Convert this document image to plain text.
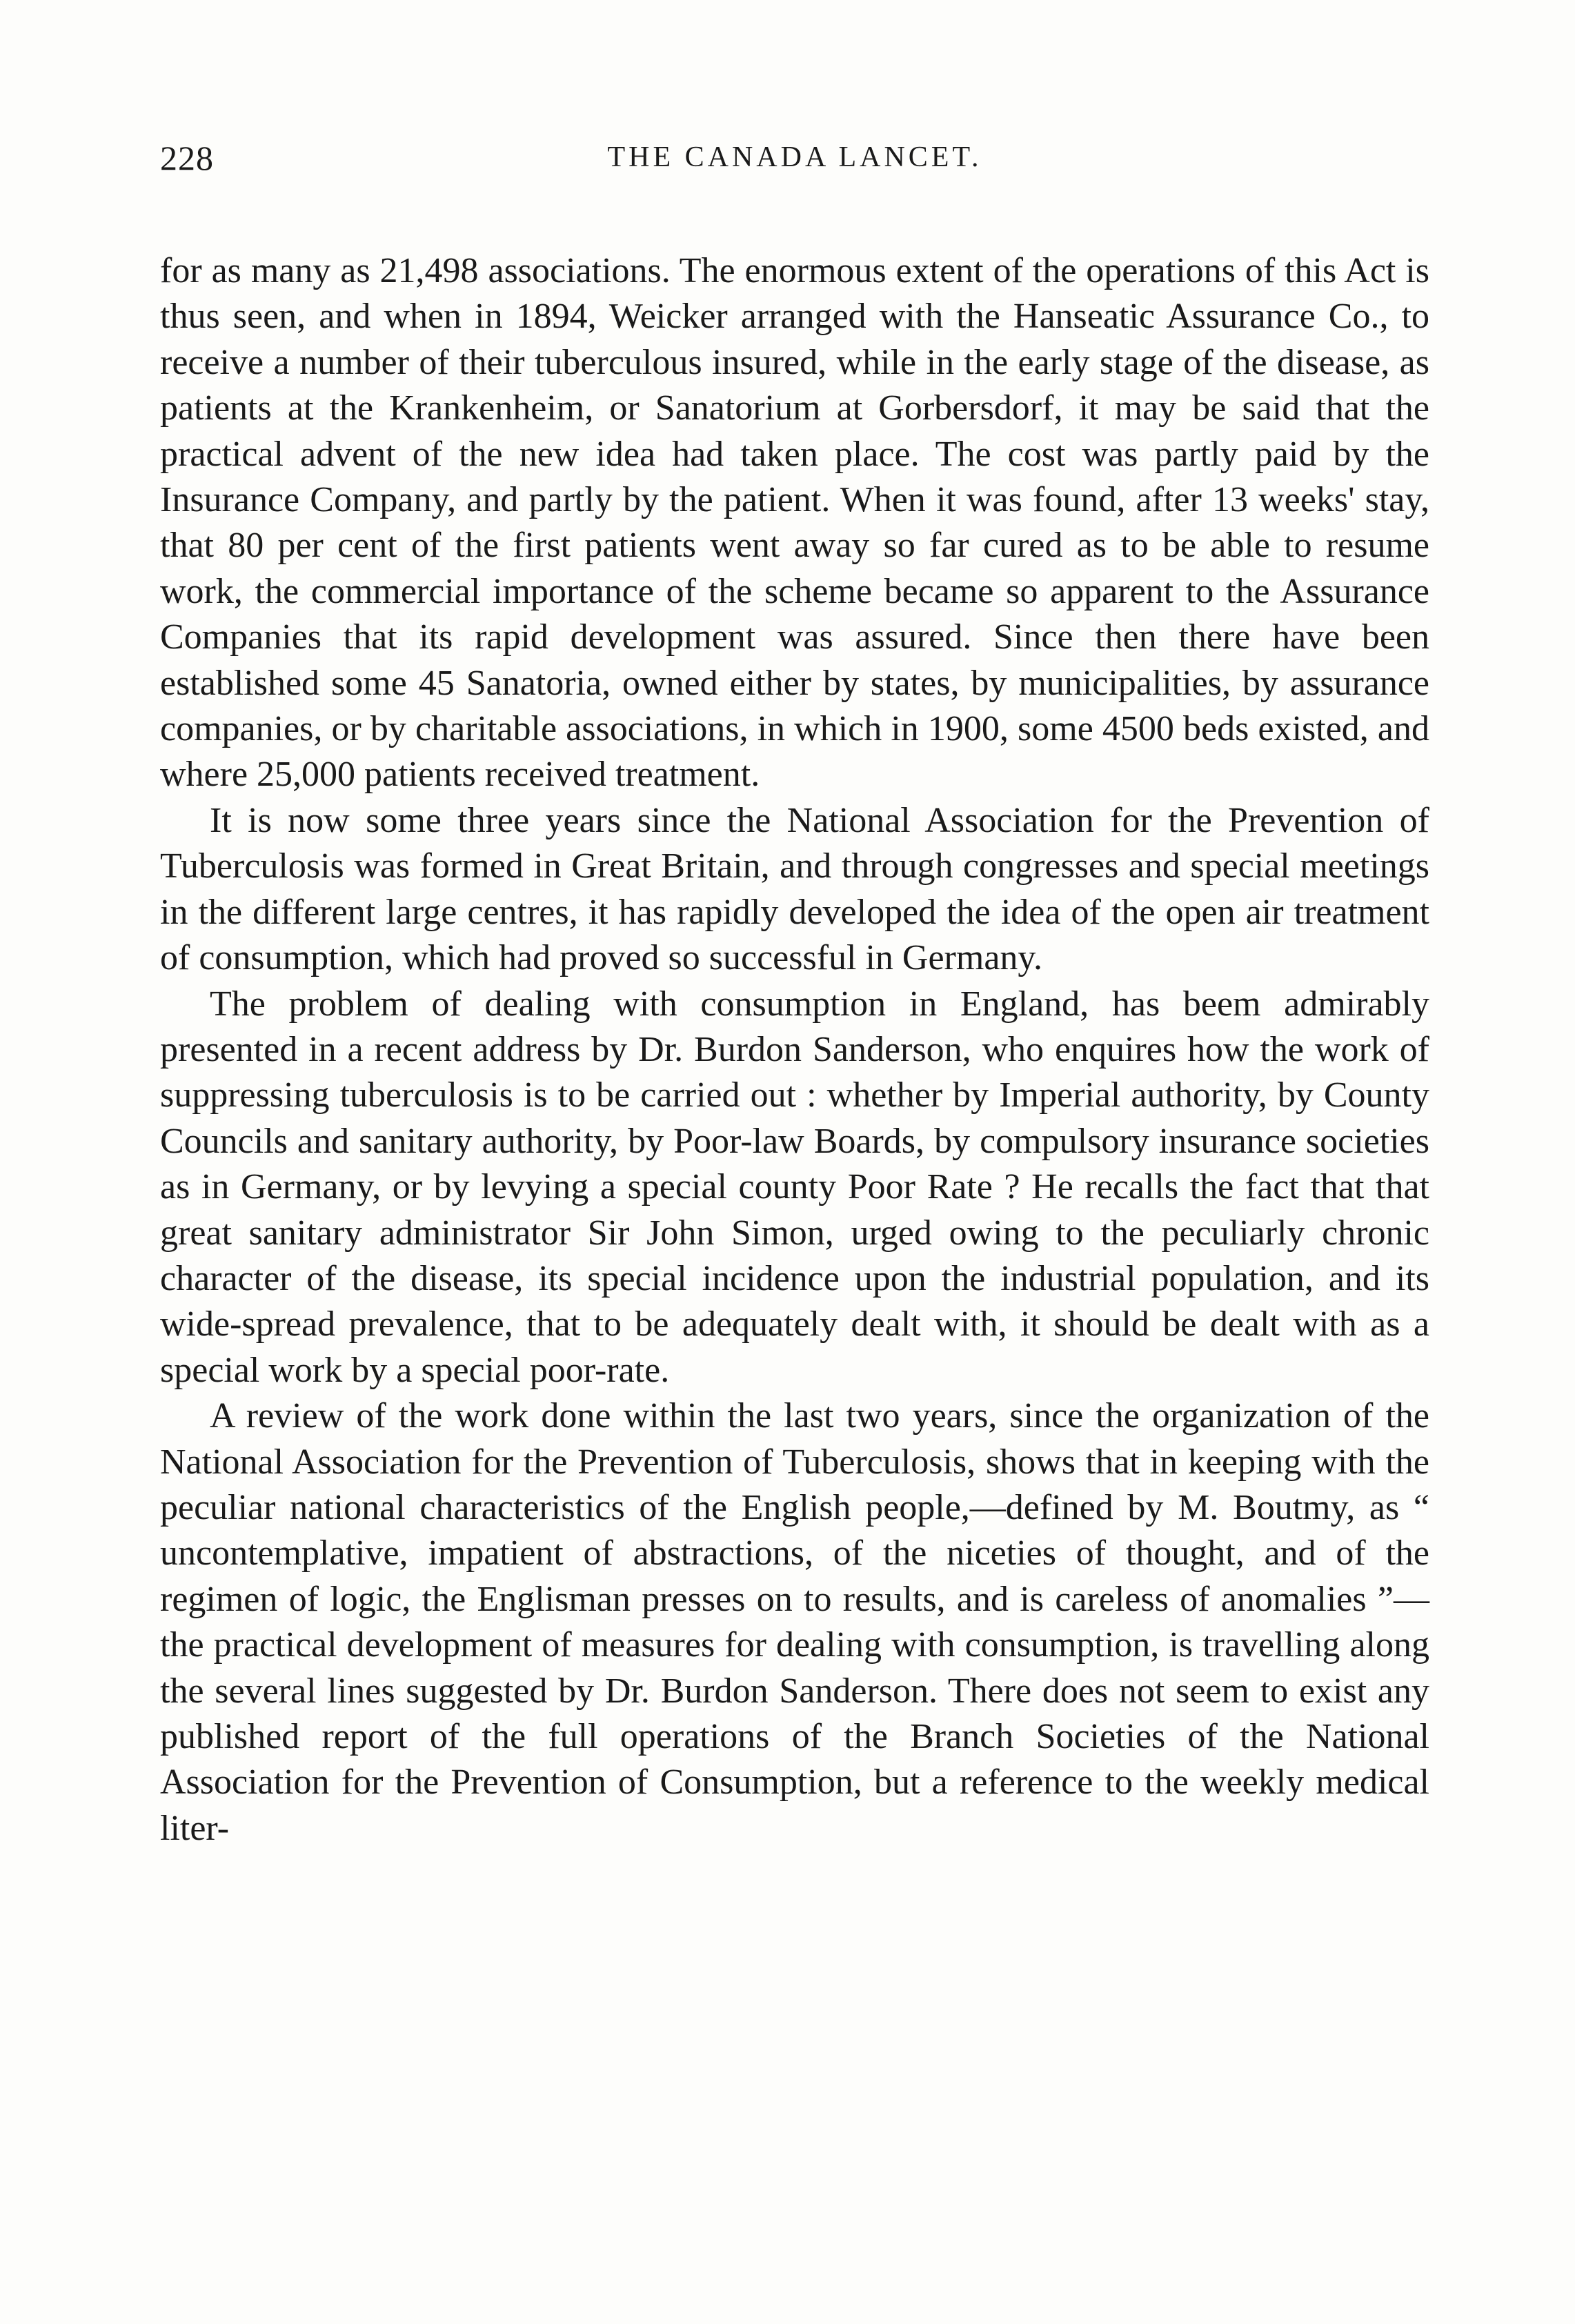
228	THE CANADA LANCET.

for as many as 21,498 associations. The enormous extent of the operations of this Act is thus seen, and when in 1894, Weicker arranged with the Hanseatic Assurance Co., to receive a number of their tuberculous insured, while in the early stage of the disease, as patients at the Krankenheim, or Sanatorium at Gorbersdorf, it may be said that the practical advent of the new idea had taken place. The cost was partly paid by the Insurance Company, and partly by the patient. When it was found, after 13 weeks' stay, that 80 per cent of the first patients went away so far cured as to be able to resume work, the commercial importance of the scheme became so apparent to the Assurance Companies that its rapid development was assured. Since then there have been established some 45 Sanatoria, owned either by states, by municipalities, by assurance companies, or by charitable associations, in which in 1900, some 4500 beds existed, and where 25,000 patients received treatment.

It is now some three years since the National Association for the Prevention of Tuberculosis was formed in Great Britain, and through congresses and special meetings in the different large centres, it has rapidly developed the idea of the open air treatment of consumption, which had proved so successful in Germany.

The problem of dealing with consumption in England, has beem admirably presented in a recent address by Dr. Burdon Sanderson, who enquires how the work of suppressing tuberculosis is to be carried out : whether by Imperial authority, by County Councils and sanitary authority, by Poor-law Boards, by compulsory insurance societies as in Germany, or by levying a special county Poor Rate ? He recalls the fact that that great sanitary administrator Sir John Simon, urged owing to the peculiarly chronic character of the disease, its special incidence upon the industrial population, and its wide-spread prevalence, that to be adequately dealt with, it should be dealt with as a special work by a special poor-rate.

A review of the work done within the last two years, since the organization of the National Association for the Prevention of Tuberculosis, shows that in keeping with the peculiar national characteristics of the English people,—defined by M. Boutmy, as “ uncontemplative, impatient of abstractions, of the niceties of thought, and of the regimen of logic, the Englisman presses on to results, and is careless of anomalies ”—the practical development of measures for dealing with consumption, is travelling along the several lines suggested by Dr. Burdon Sanderson. There does not seem to exist any published report of the full operations of the Branch Societies of the National Association for the Prevention of Consumption, but a reference to the weekly medical liter-
